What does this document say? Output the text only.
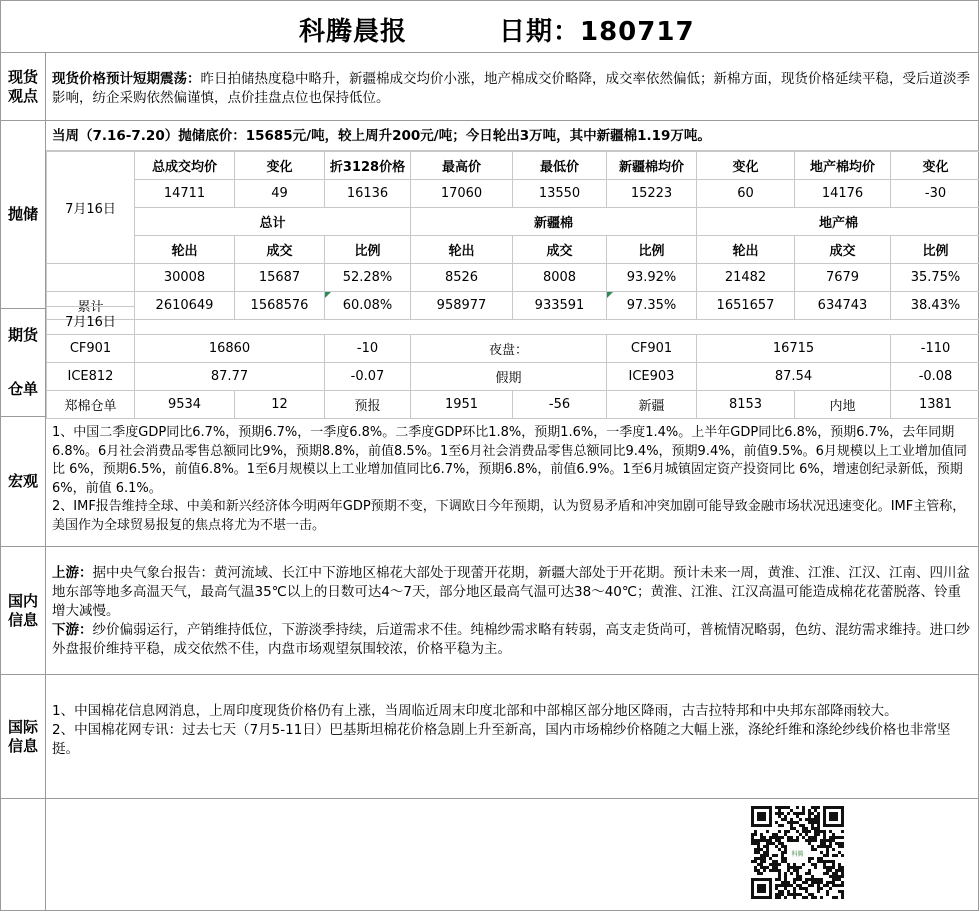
科腾晨报	日期：180717
现货
观点
现货价格预计短期震荡：昨日拍储热度稳中略升，新疆棉成交均价小涨，地产棉成交价略降，成交率依然偏低；新棉方面，现货价格延续平稳，受后道淡季影响，纺企采购依然偏谨慎，点价挂盘点位也保持低位。
抛储
当周（7.16-7.20）抛储底价：15685元/吨，较上周升200元/吨；今日轮出3万吨，其中新疆棉1.19万吨。
7月16日	总成交均价	变化	折3128价格	最高价	最低价	新疆棉均价	变化	地产棉均价	变化
	14711	49	16136	17060	13550	15223	60	14176	-30
	总计			新疆棉			地产棉		
	轮出	成交	比例	轮出	成交	比例	轮出	成交	比例
	30008	15687	52.28%	8526	8008	93.92%	21482	7679	35.75%
累计	2610649	1568576	60.08%	958977	933591	97.35%	1651657	634743	38.43%
期货
仓单
7月16日									
CF901	16860		-10	夜盘：		CF901	16715		-110
ICE812	87.77		-0.07	假期		ICE903	87.54		-0.08
郑棉仓单	9534	12	预报	1951	-56	新疆	8153	内地	1381
宏观
1、中国二季度GDP同比6.7%，预期6.7%，一季度6.8%。二季度GDP环比1.8%，预期1.6%，一季度1.4%。上半年GDP同比6.8%，预期6.7%，去年同期6.8%。6月社会消费品零售总额同比9%，预期8.8%，前值8.5%。1至6月社会消费品零售总额同比9.4%，预期9.4%，前值9.5%。6月规模以上工业增加值同比 6%，预期6.5%，前值6.8%。1至6月规模以上工业增加值同比6.7%，预期6.8%，前值6.9%。1至6月城镇固定资产投资同比 6%，增速创纪录新低，预期 6%，前值 6.1%。
2、IMF报告维持全球、中美和新兴经济体今明两年GDP预期不变，下调欧日今年预期，认为贸易矛盾和冲突加剧可能导致金融市场状况迅速变化。IMF主管称，美国作为全球贸易报复的焦点将尤为不堪一击。
国内
信息
上游：据中央气象台报告：黄河流域、长江中下游地区棉花大部处于现蕾开花期，新疆大部处于开花期。预计未来一周，黄淮、江淮、江汉、江南、四川盆地东部等地多高温天气，最高气温35℃以上的日数可达4～7天，部分地区最高气温可达38～40℃；黄淮、江淮、江汉高温可能造成棉花花蕾脱落、铃重增大减慢。
下游：纱价偏弱运行，产销维持低位，下游淡季持续，后道需求不佳。纯棉纱需求略有转弱，高支走货尚可，普梳情况略弱，色纺、混纺需求维持。进口纱外盘报价维持平稳，成交依然不佳，内盘市场观望氛围较浓，价格平稳为主。
国际
信息
1、中国棉花信息网消息，上周印度现货价格仍有上涨，当周临近周末印度北部和中部棉区部分地区降雨，古吉拉特邦和中央邦东部降雨较大。
2、中国棉花网专讯：过去七天（7月5-11日）巴基斯坦棉花价格急剧上升至新高，国内市场棉纱价格随之大幅上涨，涤纶纤维和涤纶纱线价格也非常坚挺。
科腾
